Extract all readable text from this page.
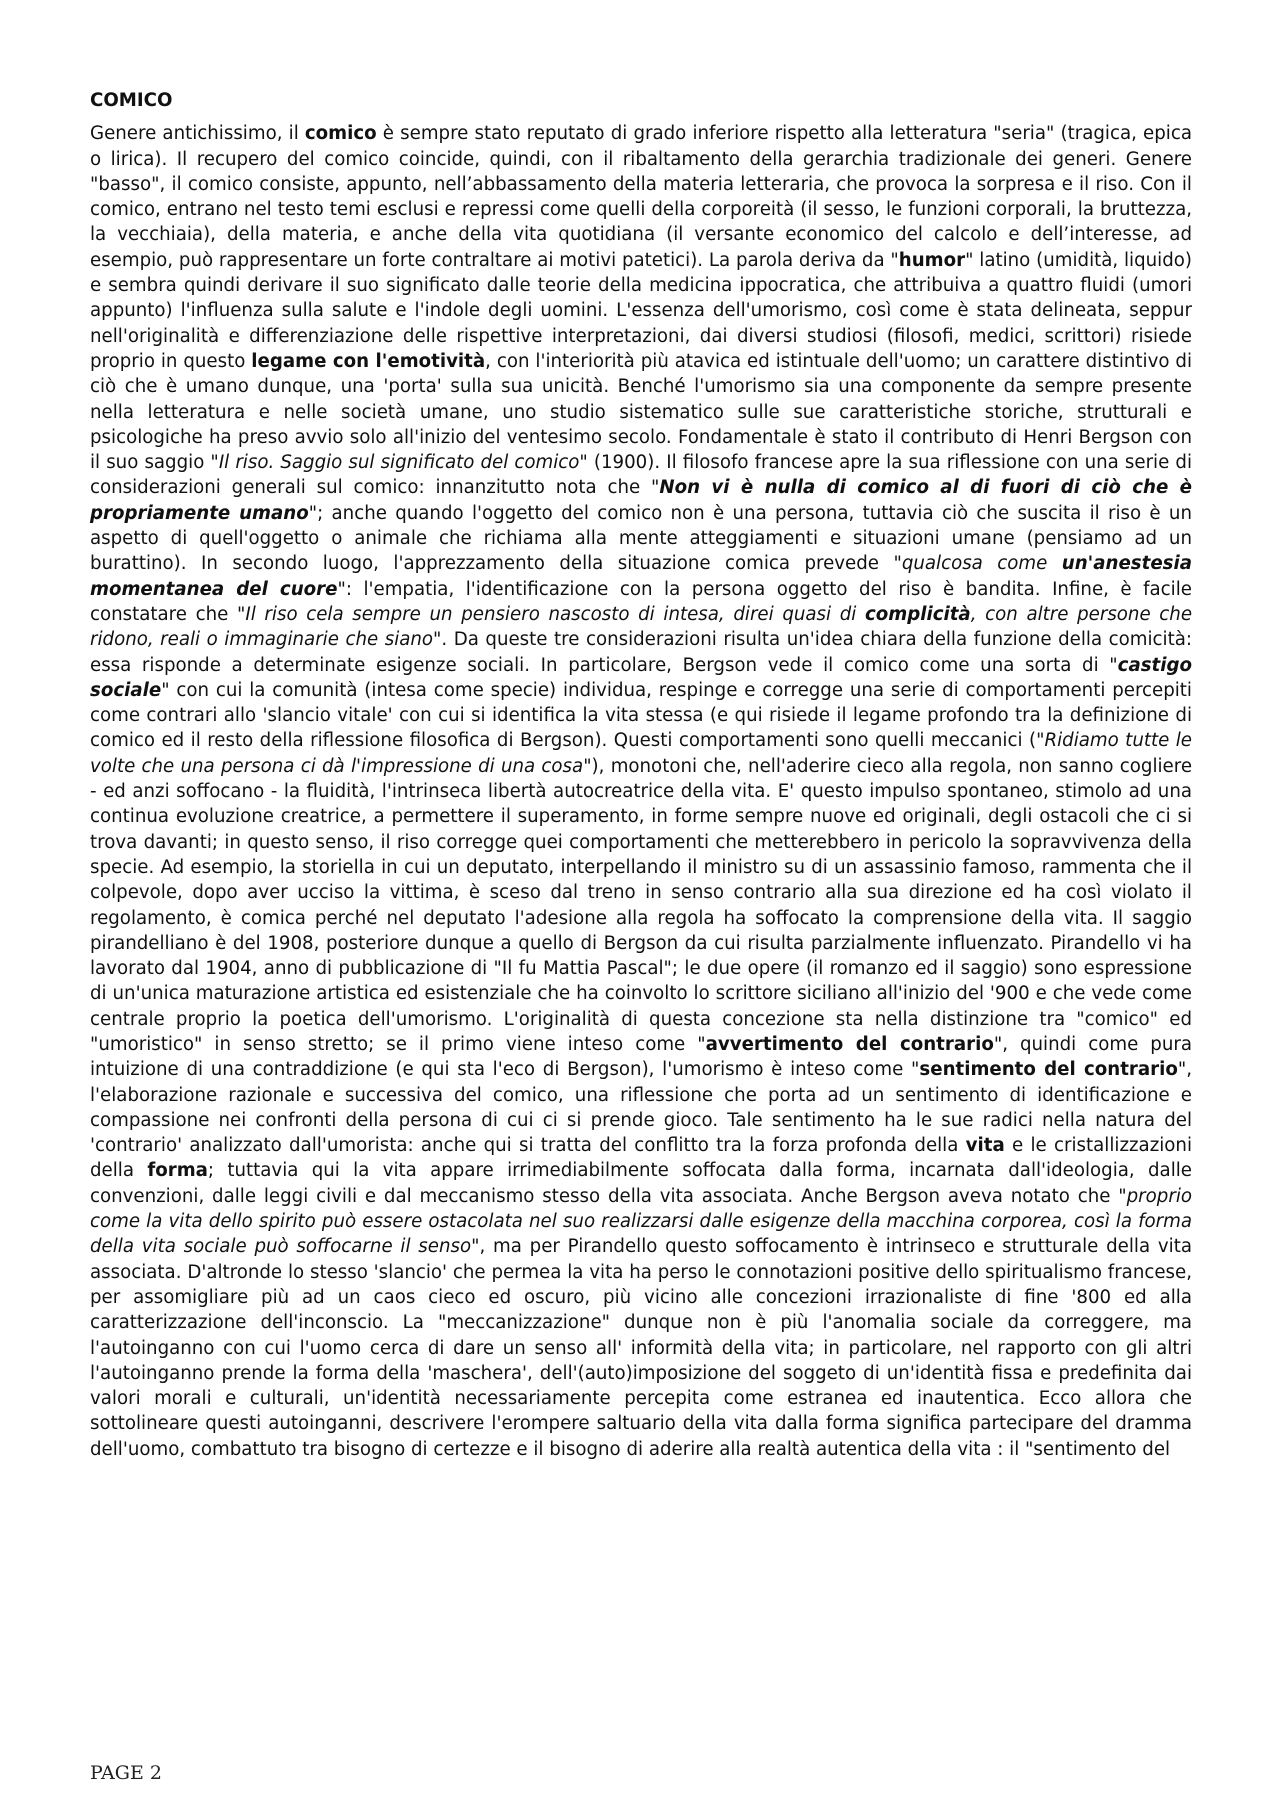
COMICO

Genere antichissimo, il comico è sempre stato reputato di grado inferiore rispetto alla letteratura "seria" (tragica, epica o lirica). Il recupero del comico coincide, quindi, con il ribaltamento della gerarchia tradizionale dei generi. Genere "basso", il comico consiste, appunto, nell’abbassamento della materia letteraria, che provoca la sorpresa e il riso. Con il comico, entrano nel testo temi esclusi e repressi come quelli della corporeità (il sesso, le funzioni corporali, la bruttezza, la vecchiaia), della materia, e anche della vita quotidiana (il versante economico del calcolo e dell’interesse, ad esempio, può rappresentare un forte contraltare ai motivi patetici). La parola deriva da "humor" latino (umidità, liquido) e sembra quindi derivare il suo significato dalle teorie della medicina ippocratica, che attribuiva a quattro fluidi (umori appunto) l'influenza sulla salute e l'indole degli uomini. L'essenza dell'umorismo, così come è stata delineata, seppur nell'originalità e differenziazione delle rispettive interpretazioni, dai diversi studiosi (filosofi, medici, scrittori) risiede proprio in questo legame con l'emotività, con l'interiorità più atavica ed istintuale dell'uomo; un carattere distintivo di ciò che è umano dunque, una 'porta' sulla sua unicità. Benché l'umorismo sia una componente da sempre presente nella letteratura e nelle società umane, uno studio sistematico sulle sue caratteristiche storiche, strutturali e psicologiche ha preso avvio solo all'inizio del ventesimo secolo. Fondamentale è stato il contributo di Henri Bergson con il suo saggio "Il riso. Saggio sul significato del comico" (1900). Il filosofo francese apre la sua riflessione con una serie di considerazioni generali sul comico: innanzitutto nota che "Non vi è nulla di comico al di fuori di ciò che è propriamente umano"; anche quando l'oggetto del comico non è una persona, tuttavia ciò che suscita il riso è un aspetto di quell'oggetto o animale che richiama alla mente atteggiamenti e situazioni umane (pensiamo ad un burattino). In secondo luogo, l'apprezzamento della situazione comica prevede "qualcosa come un'anestesia momentanea del cuore": l'empatia, l'identificazione con la persona oggetto del riso è bandita. Infine, è facile constatare che "Il riso cela sempre un pensiero nascosto di intesa, direi quasi di complicità, con altre persone che ridono, reali o immaginarie che siano". Da queste tre considerazioni risulta un'idea chiara della funzione della comicità: essa risponde a determinate esigenze sociali. In particolare, Bergson vede il comico come una sorta di "castigo sociale" con cui la comunità (intesa come specie) individua, respinge e corregge una serie di comportamenti percepiti come contrari allo 'slancio vitale' con cui si identifica la vita stessa (e qui risiede il legame profondo tra la definizione di comico ed il resto della riflessione filosofica di Bergson). Questi comportamenti sono quelli meccanici ("Ridiamo tutte le volte che una persona ci dà l'impressione di una cosa"), monotoni che, nell'aderire cieco alla regola, non sanno cogliere - ed anzi soffocano - la fluidità, l'intrinseca libertà autocreatrice della vita. E' questo impulso spontaneo, stimolo ad una continua evoluzione creatrice, a permettere il superamento, in forme sempre nuove ed originali, degli ostacoli che ci si trova davanti; in questo senso, il riso corregge quei comportamenti che metterebbero in pericolo la sopravvivenza della specie. Ad esempio, la storiella in cui un deputato, interpellando il ministro su di un assassinio famoso, rammenta che il colpevole, dopo aver ucciso la vittima, è sceso dal treno in senso contrario alla sua direzione ed ha così violato il regolamento, è comica perché nel deputato l'adesione alla regola ha soffocato la comprensione della vita. Il saggio pirandelliano è del 1908, posteriore dunque a quello di Bergson da cui risulta parzialmente influenzato. Pirandello vi ha lavorato dal 1904, anno di pubblicazione di "Il fu Mattia Pascal"; le due opere (il romanzo ed il saggio) sono espressione di un'unica maturazione artistica ed esistenziale che ha coinvolto lo scrittore siciliano all'inizio del '900 e che vede come centrale proprio la poetica dell'umorismo. L'originalità di questa concezione sta nella distinzione tra "comico" ed "umoristico" in senso stretto; se il primo viene inteso come "avvertimento del contrario", quindi come pura intuizione di una contraddizione (e qui sta l'eco di Bergson), l'umorismo è inteso come "sentimento del contrario", l'elaborazione razionale e successiva del comico, una riflessione che porta ad un sentimento di identificazione e compassione nei confronti della persona di cui ci si prende gioco. Tale sentimento ha le sue radici nella natura del 'contrario' analizzato dall'umorista: anche qui si tratta del conflitto tra la forza profonda della vita e le cristallizzazioni della forma; tuttavia qui la vita appare irrimediabilmente soffocata dalla forma, incarnata dall'ideologia, dalle convenzioni, dalle leggi civili e dal meccanismo stesso della vita associata. Anche Bergson aveva notato che "proprio come la vita dello spirito può essere ostacolata nel suo realizzarsi dalle esigenze della macchina corporea, così la forma della vita sociale può soffocarne il senso", ma per Pirandello questo soffocamento è intrinseco e strutturale della vita associata. D'altronde lo stesso 'slancio' che permea la vita ha perso le connotazioni positive dello spiritualismo francese, per assomigliare più ad un caos cieco ed oscuro, più vicino alle concezioni irrazionaliste di fine '800 ed alla caratterizzazione dell'inconscio. La "meccanizzazione" dunque non è più l'anomalia sociale da correggere, ma l'autoinganno con cui l'uomo cerca di dare un senso all' informità della vita; in particolare, nel rapporto con gli altri l'autoinganno prende la forma della 'maschera', dell'(auto)imposizione del soggeto di un'identità fissa e predefinita dai valori morali e culturali, un'identità necessariamente percepita come estranea ed inautentica. Ecco allora che sottolineare questi autoinganni, descrivere l'erompere saltuario della vita dalla forma significa partecipare del dramma dell'uomo, combattuto tra bisogno di certezze e il bisogno di aderire alla realtà autentica della vita : il "sentimento del

PAGE 2
